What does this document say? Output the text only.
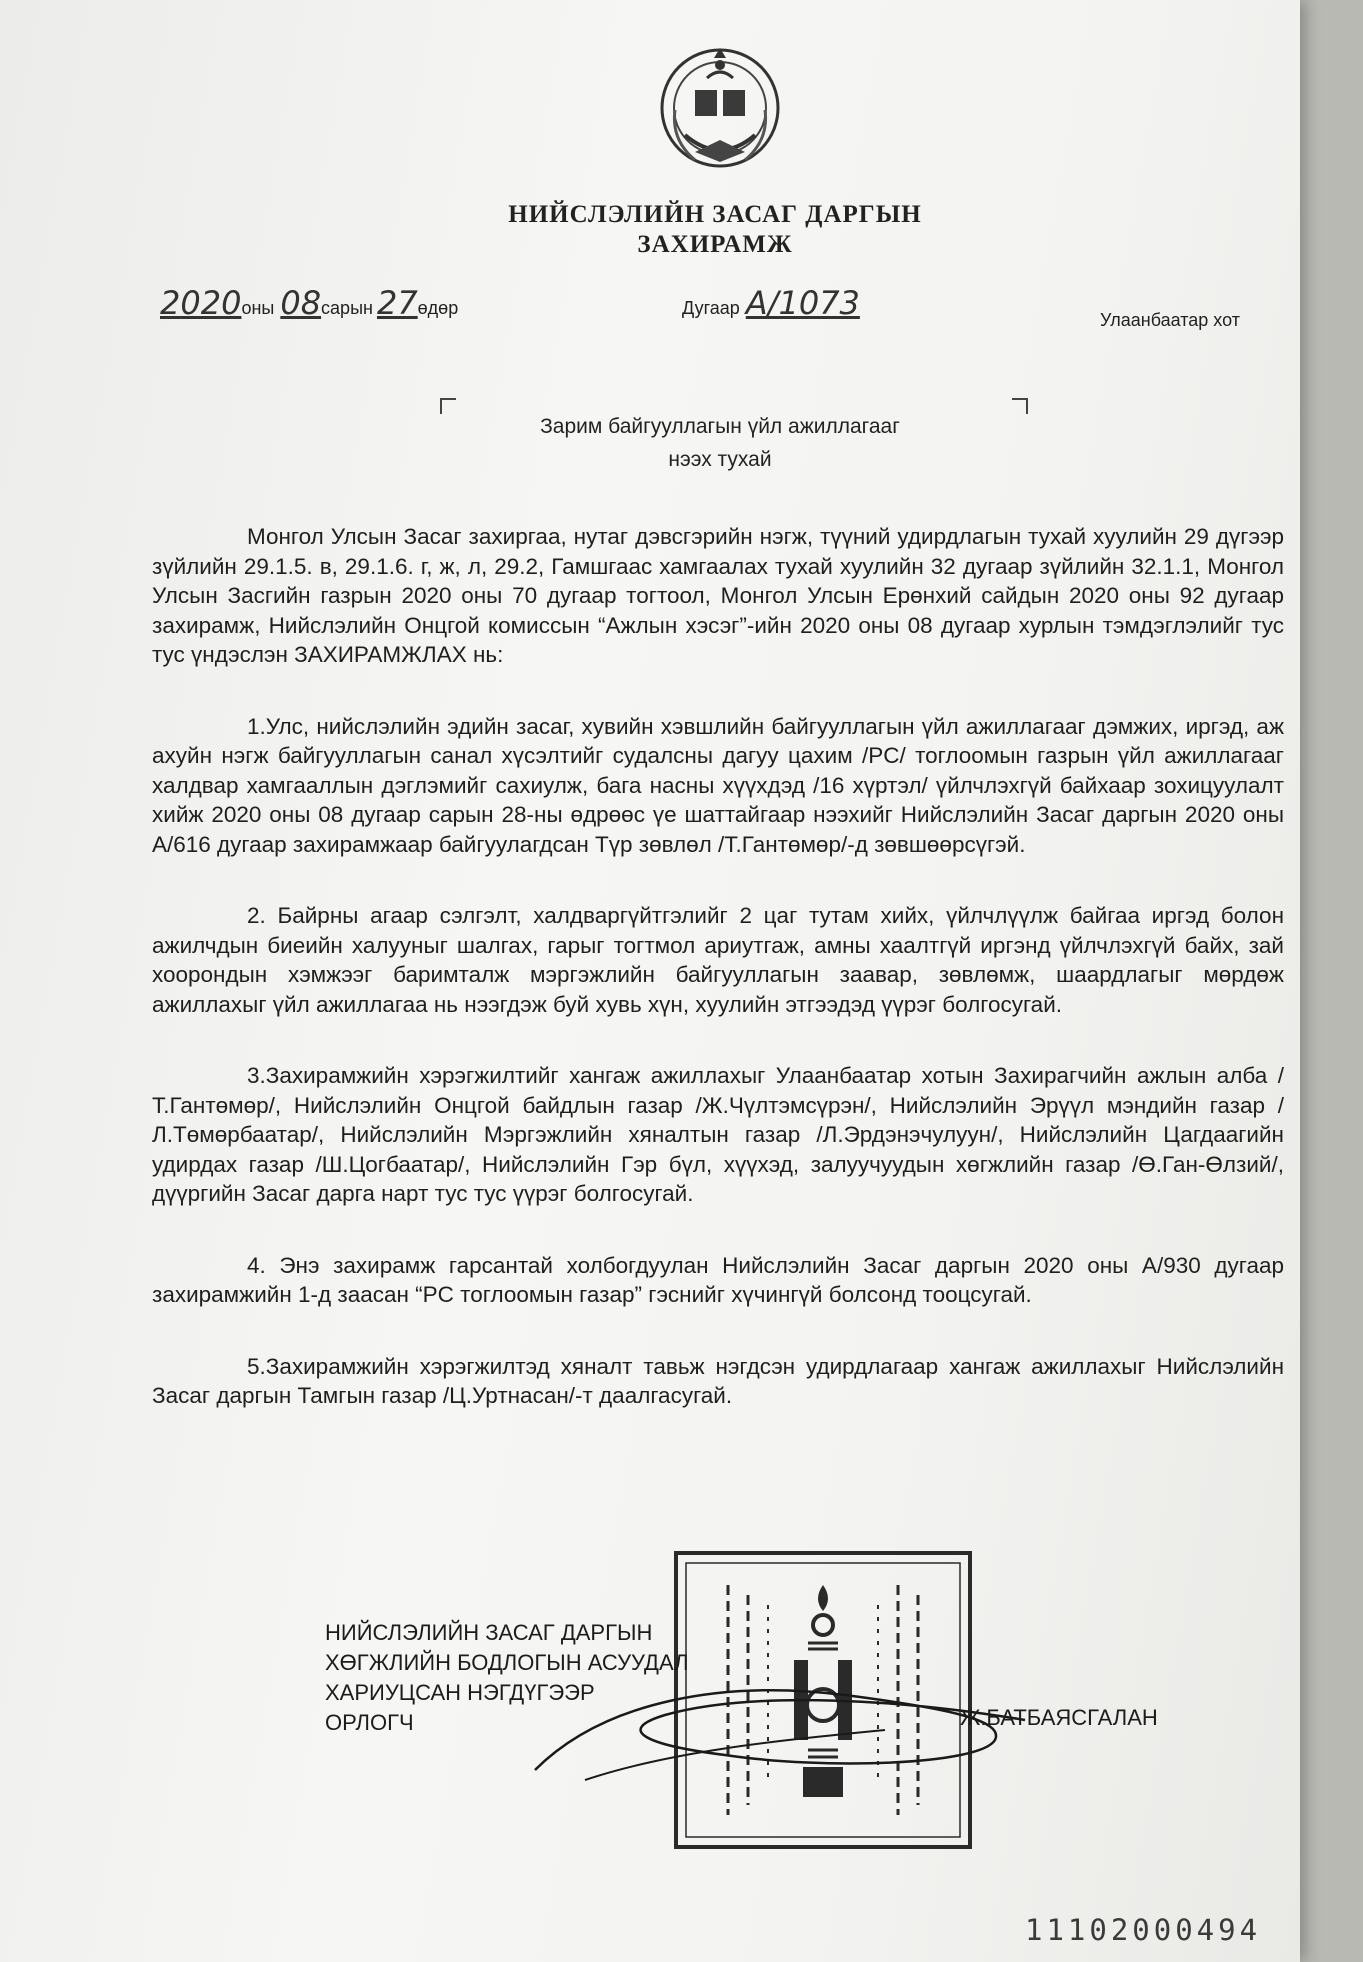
НИЙСЛЭЛИЙН ЗАСАГ ДАРГЫН
ЗАХИРАМЖ
2020оны 08сарын 27өдөр	Дугаар А/1073	Улаанбаатар хот
Зарим байгууллагын үйл ажиллагааг
нээх тухай

Монгол Улсын Засаг захиргаа, нутаг дэвсгэрийн нэгж, түүний удирдлагын тухай хуулийн 29 дүгээр зүйлийн 29.1.5. в, 29.1.6. г, ж, л, 29.2, Гамшгаас хамгаалах тухай хуулийн 32 дугаар зүйлийн 32.1.1, Монгол Улсын Засгийн газрын 2020 оны 70 дугаар тогтоол, Монгол Улсын Ерөнхий сайдын 2020 оны 92 дугаар захирамж, Нийслэлийн Онцгой комиссын “Ажлын хэсэг”-ийн 2020 оны 08 дугаар хурлын тэмдэглэлийг тус тус үндэслэн ЗАХИРАМЖЛАХ нь:

1.Улс, нийслэлийн эдийн засаг, хувийн хэвшлийн байгууллагын үйл ажиллагааг дэмжих, иргэд, аж ахуйн нэгж байгууллагын санал хүсэлтийг судалсны дагуу цахим /PC/ тоглоомын газрын үйл ажиллагааг халдвар хамгааллын дэглэмийг сахиулж, бага насны хүүхдэд /16 хүртэл/ үйлчлэхгүй байхаар зохицуулалт хийж 2020 оны 08 дугаар сарын 28-ны өдрөөс үе шаттайгаар нээхийг Нийслэлийн Засаг даргын 2020 оны А/616 дугаар захирамжаар байгуулагдсан Түр зөвлөл /Т.Гантөмөр/-д зөвшөөрсүгэй.

2. Байрны агаар сэлгэлт, халдваргүйтгэлийг 2 цаг тутам хийх, үйлчлүүлж байгаа иргэд болон ажилчдын биеийн халууныг шалгах, гарыг тогтмол ариутгаж, амны хаалтгүй иргэнд үйлчлэхгүй байх, зай хоорондын хэмжээг баримталж мэргэжлийн байгууллагын заавар, зөвлөмж, шаардлагыг мөрдөж ажиллахыг үйл ажиллагаа нь нээгдэж буй хувь хүн, хуулийн этгээдэд үүрэг болгосугай.

3.Захирамжийн хэрэгжилтийг хангаж ажиллахыг Улаанбаатар хотын Захирагчийн ажлын алба /Т.Гантөмөр/, Нийслэлийн Онцгой байдлын газар /Ж.Чүлтэмсүрэн/, Нийслэлийн Эрүүл мэндийн газар /Л.Төмөрбаатар/, Нийслэлийн Мэргэжлийн хяналтын газар /Л.Эрдэнэчулуун/, Нийслэлийн Цагдаагийн удирдах газар /Ш.Цогбаатар/, Нийслэлийн Гэр бүл, хүүхэд, залуучуудын хөгжлийн газар /Ө.Ган-Өлзий/, дүүргийн Засаг дарга нарт тус тус үүрэг болгосугай.

4. Энэ захирамж гарсантай холбогдуулан Нийслэлийн Засаг даргын 2020 оны А/930 дугаар захирамжийн 1-д заасан “PC тоглоомын газар” гэснийг хүчингүй болсонд тооцсугай.

5.Захирамжийн хэрэгжилтэд хяналт тавьж нэгдсэн удирдлагаар хангаж ажиллахыг Нийслэлийн Засаг даргын Тамгын газар /Ц.Уртнасан/-т даалгасугай.

НИЙСЛЭЛИЙН ЗАСАГ ДАРГЫН
ХӨГЖЛИЙН БОДЛОГЫН АСУУДАЛ
ХАРИУЦСАН НЭГДҮГЭЭР
ОРЛОГЧ	Ж.БАТБАЯСГАЛАН
11102000494
